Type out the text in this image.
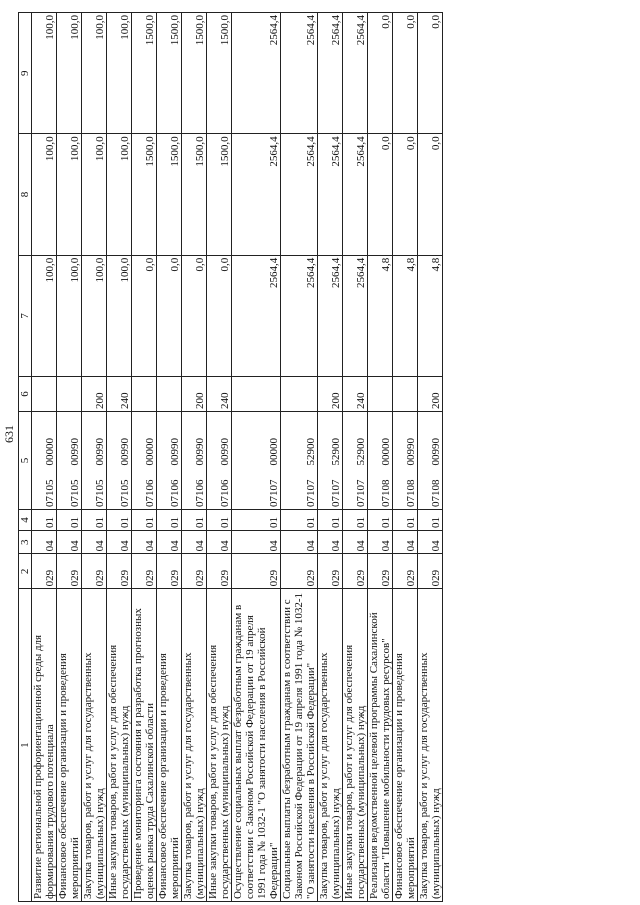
631
1	2	3	4	5	6	7	8	9
Развитие региональной профориентационной среды для формирования трудового потенциала	029	04	01	0710500000		100,0	100,0	100,0
Финансовое обеспечение организации и проведения мероприятий	029	04	01	0710500990		100,0	100,0	100,0
Закупка товаров, работ и услуг для государственных (муниципальных) нужд	029	04	01	0710500990	200	100,0	100,0	100,0
Иные закупки товаров, работ и услуг для обеспечения государственных (муниципальных) нужд	029	04	01	0710500990	240	100,0	100,0	100,0
Проведение мониторинга состояния и разработка прогнозных оценок рынка труда Сахалинской области	029	04	01	0710600000		0,0	1500,0	1500,0
Финансовое обеспечение организации и проведения мероприятий	029	04	01	0710600990		0,0	1500,0	1500,0
Закупка товаров, работ и услуг для государственных (муниципальных) нужд	029	04	01	0710600990	200	0,0	1500,0	1500,0
Иные закупки товаров, работ и услуг для обеспечения государственных (муниципальных) нужд	029	04	01	0710600990	240	0,0	1500,0	1500,0
Осуществление социальных выплат безработным гражданам в соответствии с Законом Российской Федерации от 19 апреля 1991 года № 1032-1 "О занятости населения в Российской Федерации"	029	04	01	0710700000		2564,4	2564,4	2564,4
Социальные выплаты безработным гражданам в соответствии с Законом Российской Федерации от 19 апреля 1991 года № 1032-1 "О занятости населения в Российской Федерации"	029	04	01	0710752900		2564,4	2564,4	2564,4
Закупка товаров, работ и услуг для государственных (муниципальных) нужд	029	04	01	0710752900	200	2564,4	2564,4	2564,4
Иные закупки товаров, работ и услуг для обеспечения государственных (муниципальных) нужд	029	04	01	0710752900	240	2564,4	2564,4	2564,4
Реализация ведомственной целевой программы Сахалинской области "Повышение мобильности трудовых ресурсов"	029	04	01	0710800000		4,8	0,0	0,0
Финансовое обеспечение организации и проведения мероприятий	029	04	01	0710800990		4,8	0,0	0,0
Закупка товаров, работ и услуг для государственных (муниципальных) нужд	029	04	01	0710800990	200	4,8	0,0	0,0
